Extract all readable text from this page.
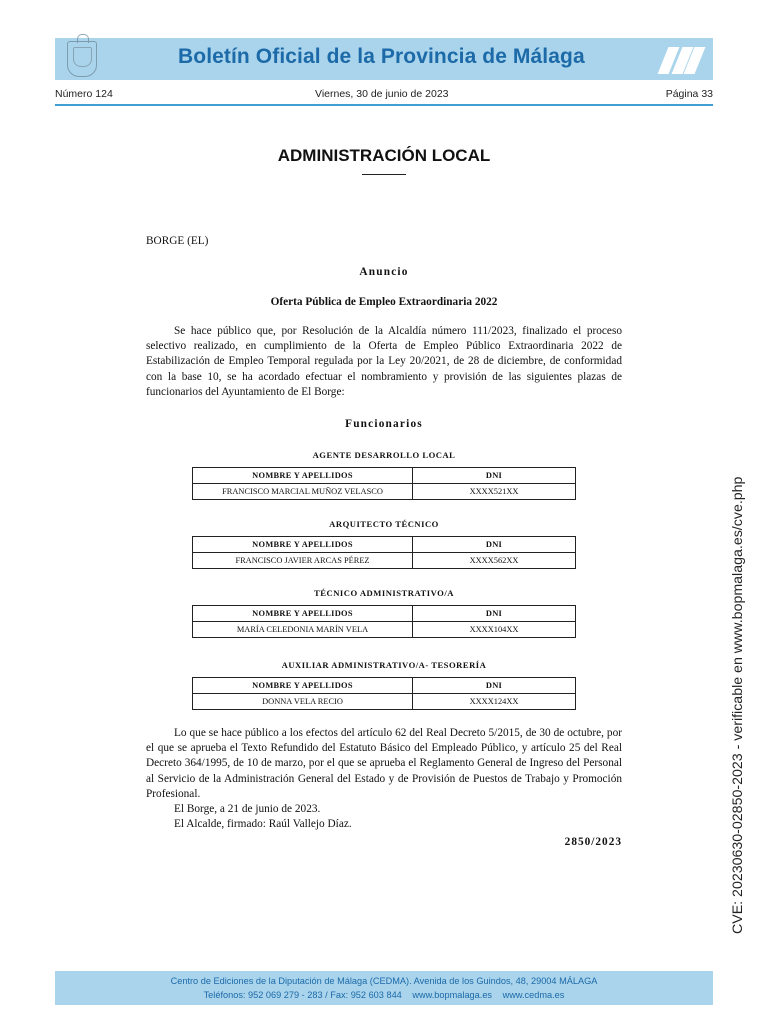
Boletín Oficial de la Provincia de Málaga
Número 124	Viernes, 30 de junio de 2023	Página 33
ADMINISTRACIÓN LOCAL
BORGE (EL)
Anuncio
Oferta Pública de Empleo Extraordinaria 2022
Se hace público que, por Resolución de la Alcaldía número 111/2023, finalizado el proceso selectivo realizado, en cumplimiento de la Oferta de Empleo Público Extraordinaria 2022 de Estabilización de Empleo Temporal regulada por la Ley 20/2021, de 28 de diciembre, de conformidad con la base 10, se ha acordado efectuar el nombramiento y provisión de las siguientes plazas de funcionarios del Ayuntamiento de El Borge:
Funcionarios
AGENTE DESARROLLO LOCAL
NOMBRE Y APELLIDOS	DNI
FRANCISCO MARCIAL MUÑOZ VELASCO	XXXX521XX
ARQUITECTO TÉCNICO
NOMBRE Y APELLIDOS	DNI
FRANCISCO JAVIER ARCAS PÉREZ	XXXX562XX
TÉCNICO ADMINISTRATIVO/A
NOMBRE Y APELLIDOS	DNI
MARÍA CELEDONIA MARÍN VELA	XXXX104XX
AUXILIAR ADMINISTRATIVO/A- TESORERÍA
NOMBRE Y APELLIDOS	DNI
DONNA VELA RECIO	XXXX124XX
Lo que se hace público a los efectos del artículo 62 del Real Decreto 5/2015, de 30 de octubre, por el que se aprueba el Texto Refundido del Estatuto Básico del Empleado Público, y artículo 25 del Real Decreto 364/1995, de 10 de marzo, por el que se aprueba el Reglamento General de Ingreso del Personal al Servicio de la Administración General del Estado y de Provisión de Puestos de Trabajo y Promoción Profesional.
El Borge, a 21 de junio de 2023.
El Alcalde, firmado: Raúl Vallejo Díaz.
2850/2023	CVE: 20230630-02850-2023 - verificable en www.bopmalaga.es/cve.php
Centro de Ediciones de la Diputación de Málaga (CEDMA). Avenida de los Guindos, 48, 29004 MÁLAGA
Teléfonos: 952 069 279 - 283 / Fax: 952 603 844 www.bopmalaga.es www.cedma.es
